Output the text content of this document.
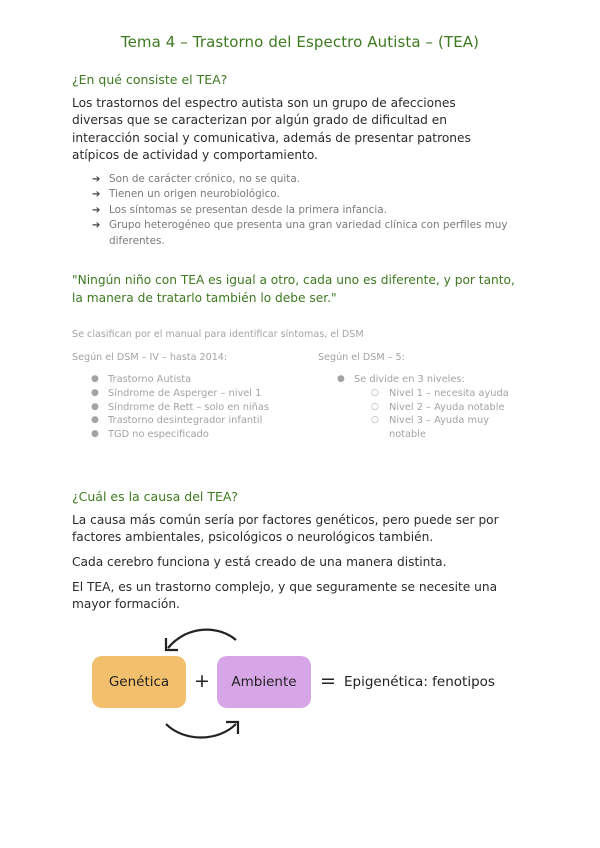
Tema 4 – Trastorno del Espectro Autista – (TEA)
¿En qué consiste el TEA?
Los trastornos del espectro autista son un grupo de afecciones
diversas que se caracterizan por algún grado de dificultad en
interacción social y comunicativa, además de presentar patrones
atípicos de actividad y comportamiento.
➔ Son de carácter crónico, no se quita.
➔ Tienen un origen neurobiológico.
➔ Los síntomas se presentan desde la primera infancia.
➔ Grupo heterogéneo que presenta una gran variedad clínica con perfiles muy diferentes.
"Ningún niño con TEA es igual a otro, cada uno es diferente, y por tanto,
la manera de tratarlo también lo debe ser."
Se clasifican por el manual para identificar síntomas, el DSM
Según el DSM – IV – hasta 2014:	Según el DSM – 5:
● Trastorno Autista
● Síndrome de Asperger – nivel 1
● Síndrome de Rett – solo en niñas
● Trastorno desintegrador infantil
● TGD no especificado
● Se divide en 3 niveles:
○ Nivel 1 – necesita ayuda
○ Nivel 2 – Ayuda notable
○ Nivel 3 – Ayuda muy notable
¿Cuál es la causa del TEA?
La causa más común sería por factores genéticos, pero puede ser por
factores ambientales, psicológicos o neurológicos también.
Cada cerebro funciona y está creado de una manera distinta.
El TEA, es un trastorno complejo, y que seguramente se necesite una
mayor formación.
Genética	+	Ambiente	= Epigenética: fenotipos
